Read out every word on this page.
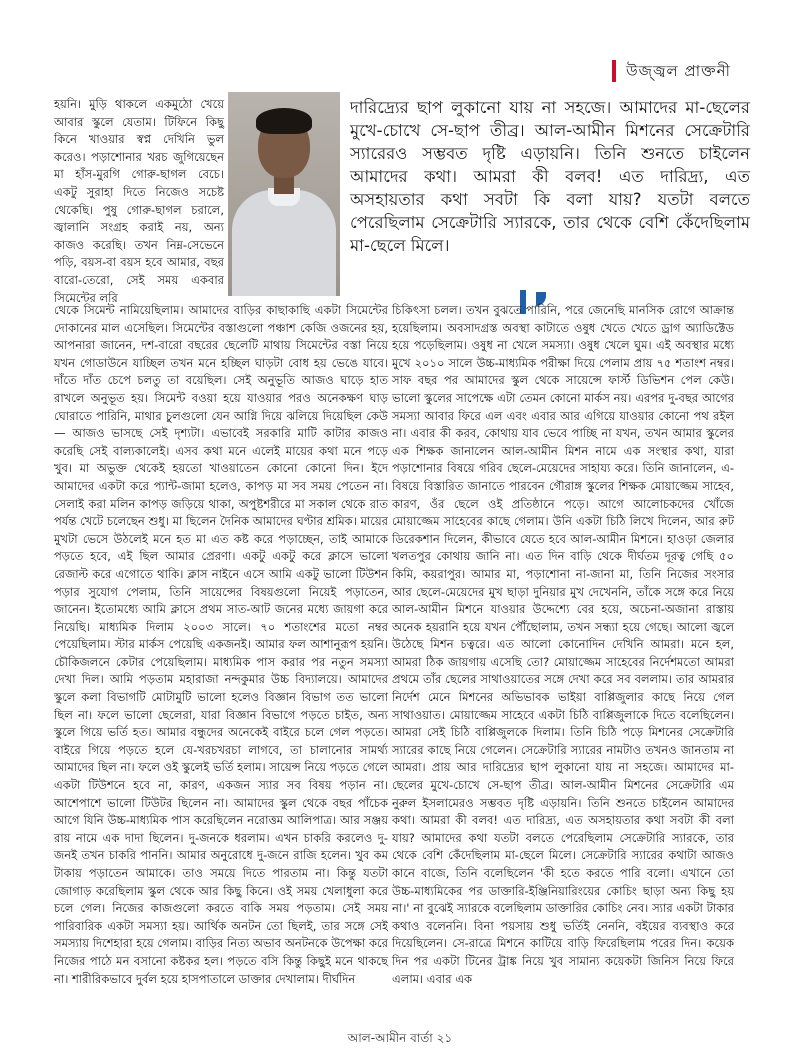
উজ্জ্বল প্রাক্তনী
দারিদ্র্যের ছাপ লুকানো যায় না সহজে। আমাদের মা-ছেলের মুখে-চোখে সে-ছাপ তীব্র। আল-আমীন মিশনের সেক্রেটারি স্যারেরও সম্ভবত দৃষ্টি এড়ায়নি। তিনি শুনতে চাইলেন আমাদের কথা। আমরা কী বলব! এত দারিদ্র্য, এত অসহায়তার কথা সবটা কি বলা যায়? যতটা বলতে পেরেছিলাম সেক্রেটারি স্যারকে, তার থেকে বেশি কেঁদেছিলাম মা-ছেলে মিলে।

হয়নি। মুড়ি থাকলে একমুঠো খেয়ে আবার স্কুলে যেতাম। টিফিনে কিছু কিনে খাওয়ার স্বপ্ন দেখিনি ভুল করেও। পড়াশোনার খরচ জুগিয়েছেন মা হাঁস-মুরগি গোরু-ছাগল বেচে। একটু সুরাহা দিতে নিজেও সচেষ্ট থেকেছি। পুষু গোরু-ছাগল চরালে, জ্বালানি সংগ্রহ করাই নয়, অন্য কাজও করেছি। তখন নিম্ন-সেভেনে পড়ি, বয়স-বা বয়স হবে আমার, বছর বারো-তেরো, সেই সময় একবার সিমেন্টের লরি

থেকে সিমেন্ট নামিয়েছিলাম। আমাদের বাড়ির কাছাকাছি একটা সিমেন্টের দোকানের মাল এসেছিল। সিমেন্টের বস্তাগুলো পঞ্চাশ কেজি ওজনের হয়, আপনারা জানেন, দশ-বারো বছরের ছেলেটি মাথায় সিমেন্টের বস্তা নিয়ে যখন গোডাউনে যাচ্ছিল তখন মনে হচ্ছিল ঘাড়টা বোধ হয় ভেঙে যাবে। দাঁতে দাঁত চেপে চলতু তা বয়েছিল। সেই অনুভূতি আজও ঘাড়ে হাত রাখলে অনুভূত হয়। সিমেন্ট বওয়া হয়ে যাওয়ার পরও অনেকক্ষণ ঘাড় ঘোরাতে পারিনি, মাথার চুলগুলো যেন আগ্নি দিয়ে ঝলিয়ে দিয়েছিল কেউ— আজও ভাসছে সেই দৃশ্যটা। এভাবেই সরকারি মাটি কাটার কাজও করেছি সেই বাল্যকালেই। এসব কথা মনে এলেই মায়ের কথা মনে পড়ে খুব। মা অভুক্ত থেকেই হয়তো খাওয়াতেন কোনো কোনো দিন। ইদে আমাদের একটা করে প্যান্ট-জামা হলেও, কাপড় মা সব সময় পেতেন না। সেলাই করা মলিন কাপড় জড়িয়ে থাকা, অপুষ্টশরীরে মা সকাল থেকে রাত পর্যন্ত খেটে চলেছেন শুধু। মা ছিলেন দৈনিক আমাদের ঘণ্টার শ্রমিক। মায়ের মুখটা ভেসে উঠলেই মনে হত মা এত কষ্ট করে পড়াচ্ছেন, তাই আমাকে পড়তে হবে, এই ছিল আমার প্রেরণা। একটু একটু করে ক্লাসে ভালো রেজাল্ট করে এগোতে থাকি। ক্লাস নাইনে এসে আমি একটু ভালো টিউশন পড়ার সুযোগ পেলাম, তিনি সায়েন্সের বিষয়গুলো নিয়েই পড়াতেন, জানেন। ইতোমধ্যে আমি ক্লাসে প্রথম সাত-আট জনের মধ্যে জায়গা করে নিয়েছি। মাধ্যমিক দিলাম ২০০৩ সালে। ৭০ শতাংশের মতো নম্বর পেয়েছিলাম। স্টার মার্কস পেয়েছি একজনই। আমার ফল আশানুরূপ হয়নি। চৌকিজলনে কেটার পেয়েছিলাম। মাধ্যমিক পাস করার পর নতুন সমস্যা দেখা দিল। আমি পড়তাম মহারাজা নন্দকুমার উচ্চ বিদ্যালয়ে। আমাদের স্কুলে কলা বিভাগটি মোটামুটি ভালো হলেও বিজ্ঞান বিভাগ তত ভালো ছিল না। ফলে ভালো ছেলেরা, যারা বিজ্ঞান বিভাগে পড়তে চাইত, অন্য স্কুলে গিয়ে ভর্তি হত। আমার বন্ধুদের অনেকেই বাইরে চলে গেল পড়তে। বাইরে গিয়ে পড়তে হলে যে-খরচখরচা লাগবে, তা চালানোর সামর্থ্য আমাদের ছিল না। ফলে ওই স্কুলেই ভর্তি হলাম। সায়েন্স নিয়ে পড়তে গেলে একটা টিউশনে হবে না, কারণ, একজন স্যার সব বিষয় পড়ান না। আশেপাশে ভালো টিউটর ছিলেন না। আমাদের স্কুল থেকে বছর পাঁচেক আগে যিনি উচ্চ-মাধ্যমিক পাস করেছিলেন নরোত্তম আলিপাত্র। আর সঞ্জয় রায় নামে এক দাদা ছিলেন। দু-জনকে ধরলাম। এখন চাকরি করলেও দু-জনই তখন চাকরি পাননি। আমার অনুরোধে দু-জনে রাজি হলেন। খুব কম টাকায় পড়াতেন আমাকে। তাও সময়ে দিতে পারতাম না। কিন্তু যতটা জোগাড় করেছিলাম স্কুল থেকে আর কিছু কিনে। ওই সময় খেলাধুলা করে চলে গেল। নিজের কাজগুলো করতে বাকি সময় পড়তাম। সেই সময় পারিবারিক একটা সমস্যা হয়। আর্থিক অনটন তো ছিলই, তার সঙ্গে সেই সমস্যায় দিশেহারা হয়ে গেলাম। বাড়ির নিত্য অভাব অনটনকে উপেক্ষা করে নিজের পাঠে মন বসানো কষ্টকর হল। পড়তে বসি কিন্তু কিছুই মনে থাকছে না। শারীরিকভাবে দুর্বল হয়ে হাসপাতালে ডাক্তার দেখালাম। দীর্ঘদিন

চিকিৎসা চলল। তখন বুঝতে পারিনি, পরে জেনেছি মানসিক রোগে আক্রান্ত হয়েছিলাম। অবসাদগ্রস্ত অবস্থা কাটাতে ওষুধ খেতে খেতে ড্রাগ অ্যাডিক্টেড হয়ে পড়েছিলাম। ওষুধ না খেলে সমস্যা। ওষুধ খেলে ঘুম। এই অবস্থার মধ্যে মুখে ২০১০ সালে উচ্চ-মাধ্যমিক পরীক্ষা দিয়ে পেলাম প্রায় ৭৫ শতাংশ নম্বর। সাফ বছর পর আমাদের স্কুল থেকে সায়েন্সে ফার্স্ট ডিভিশন পেল কেউ। ভালো স্কুলের সাপেক্ষে এটা তেমন কোনো মার্কস নয়। এরপর দু-বছর আগের সমস্যা আবার ফিরে এল এবং এবার আর এগিয়ে যাওয়ার কোনো পথ রইল না। এবার কী করব, কোথায় যাব ভেবে পাচ্ছি না যখন, তখন আমার স্কুলের এক শিক্ষক জানালেন আল-আমীন মিশন নামে এক সংস্থার কথা, যারা পড়াশোনার বিষয়ে গরিব ছেলে-মেয়েদের সাহায্য করে। তিনি জানালেন, এ-বিষয়ে বিস্তারিত জানাতে পারবেন গৌরাঙ্গ স্কুলের শিক্ষক মোয়াজ্জেম সাহেব, কারণ, ওঁর ছেলে ওই প্রতিষ্ঠানে পড়ে। আগে আলোচকদের খোঁজে মোয়াজ্জেম সাহেবের কাছে গেলাম। উনি একটা চিঠি লিখে দিলেন, আর রুট ডিরেকশান দিলেন, কীভাবে যেতে হবে আল-আমীন মিশনে। হাওড়া জেলার খলতপুর কোথায় জানি না। এত দিন বাড়ি থেকে দীর্ঘতম দূরত্ব গেছি ৫০ কিমি, কয়রাপুর। আমার মা, পড়াশোনা না-জানা মা, তিনি নিজের সংসার আর ছেলে-মেয়েদের মুখ ছাড়া দুনিয়ার মুখ দেখেননি, তাঁকে সঙ্গে করে নিয়ে আল-আমীন মিশনে যাওয়ার উদ্দেশ্যে বের হয়ে, অচেনা-অজানা রাস্তায় অনেক হয়রানি হয়ে যখন পৌঁছোলাম, তখন সন্ধ্যা হয়ে গেছে। আলো জ্বলে উঠেছে মিশন চত্বরে। এত আলো কোনোদিন দেখিনি আমরা। মনে হল, আমরা ঠিক জায়গায় এসেছি তো? মোয়াজ্জেম সাহেবের নির্দেশমতো আমরা প্রথমে তাঁর ছেলের সাথাওয়াতের সঙ্গে দেখা করে সব বললাম। তার আমরার নির্দেশ মেনে মিশনের অভিভাবক ভাইয়া বাপ্পিজুলার কাছে নিয়ে গেল সাথাওয়াত। মোয়াজ্জেম সাহেবে একটা চিঠি বাপ্পিজুলাকে দিতে বলেছিলেন। আমরা সেই চিঠি বাপ্পিজুলকে দিলাম। তিনি চিঠি পড়ে মিশনের সেক্রেটারি স্যারের কাছে নিয়ে গেলেন। সেক্রেটারি স্যারের নামটাও তখনও জানতাম না আমরা। প্রায় আর দারিদ্র্যের ছাপ লুকানো যায় না সহজে। আমাদের মা-ছেলের মুখে-চোখে সে-ছাপ তীব্র। আল-আমীন মিশনের সেক্রেটারি এম নুরুল ইসলামেরও সম্ভবত দৃষ্টি এড়ায়নি। তিনি শুনতে চাইলেন আমাদের কথা। আমরা কী বলব! এত দারিদ্র্য, এত অসহায়তার কথা সবটা কী বলা যায়? আমাদের কথা যতটা বলতে পেরেছিলাম সেক্রেটারি স্যারকে, তার থেকে বেশি কেঁদেছিলাম মা-ছেলে মিলে। সেক্রেটারি স্যারের কথাটা আজও কানে বাজে, তিনি বলেছিলেন 'কী হতে করতে পারি বলো। এখানে তো উচ্চ-মাধ্যমিকের পর ডাক্তারি-ইঞ্জিনিয়ারিংয়ের কোচিং ছাড়া অন্য কিছু হয় না।' না বুঝেই স্যারকে বলেছিলাম ডাক্তারির কোচিং নেব। স্যার একটা টাকার কথাও বলেননি। বিনা পয়সায় শুধু ভর্তিই নেননি, বইয়ের ব্যবস্থাও করে দিয়েছিলেন। সে-রাত্রে মিশনে কাটিয়ে বাড়ি ফিরেছিলাম পরের দিন। কয়েক দিন পর একটা টিনের ট্রাঙ্ক নিয়ে খুব সামান্য কয়েকটা জিনিস নিয়ে ফিরে এলাম। এবার এক

আল-আমীন বার্তা ২১
